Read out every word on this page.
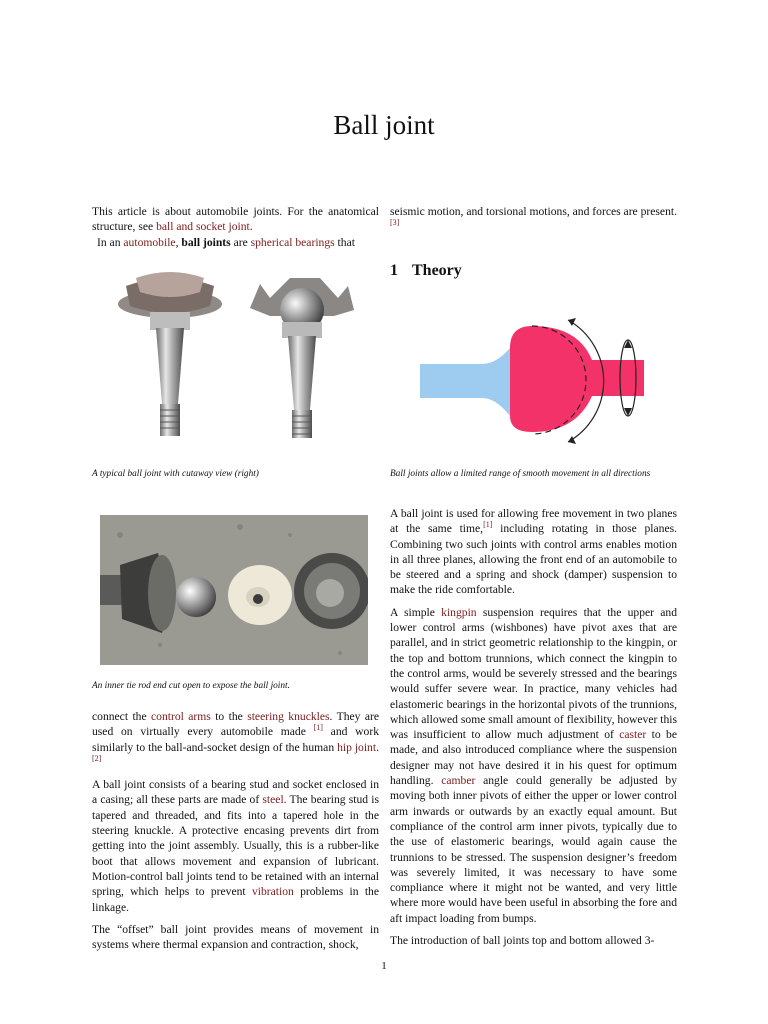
Ball joint

This article is about automobile joints. For the anatomical structure, see ball and socket joint.

In an automobile, ball joints are spherical bearings that

A typical ball joint with cutaway view (right)
An inner tie rod end cut open to expose the ball joint.

connect the control arms to the steering knuckles. They are used on virtually every automobile made [1] and work similarly to the ball-and-socket design of the human hip joint.[2]

A ball joint consists of a bearing stud and socket enclosed in a casing; all these parts are made of steel. The bearing stud is tapered and threaded, and fits into a tapered hole in the steering knuckle. A protective encasing prevents dirt from getting into the joint assembly. Usually, this is a rubber-like boot that allows movement and expansion of lubricant. Motion-control ball joints tend to be retained with an internal spring, which helps to prevent vibration problems in the linkage.

The “offset” ball joint provides means of movement in systems where thermal expansion and contraction, shock,

seismic motion, and torsional motions, and forces are present.[3]

1 Theory
Ball joints allow a limited range of smooth movement in all directions

A ball joint is used for allowing free movement in two planes at the same time,[1] including rotating in those planes. Combining two such joints with control arms enables motion in all three planes, allowing the front end of an automobile to be steered and a spring and shock (damper) suspension to make the ride comfortable.

A simple kingpin suspension requires that the upper and lower control arms (wishbones) have pivot axes that are parallel, and in strict geometric relationship to the kingpin, or the top and bottom trunnions, which connect the kingpin to the control arms, would be severely stressed and the bearings would suffer severe wear. In practice, many vehicles had elastomeric bearings in the horizontal pivots of the trunnions, which allowed some small amount of flexibility, however this was insufficient to allow much adjustment of caster to be made, and also introduced compliance where the suspension designer may not have desired it in his quest for optimum handling. camber angle could generally be adjusted by moving both inner pivots of either the upper or lower control arm inwards or outwards by an exactly equal amount. But compliance of the control arm inner pivots, typically due to the use of elastomeric bearings, would again cause the trunnions to be stressed. The suspension designer’s freedom was severely limited, it was necessary to have some compliance where it might not be wanted, and very little where more would have been useful in absorbing the fore and aft impact loading from bumps.

The introduction of ball joints top and bottom allowed 3-

1
